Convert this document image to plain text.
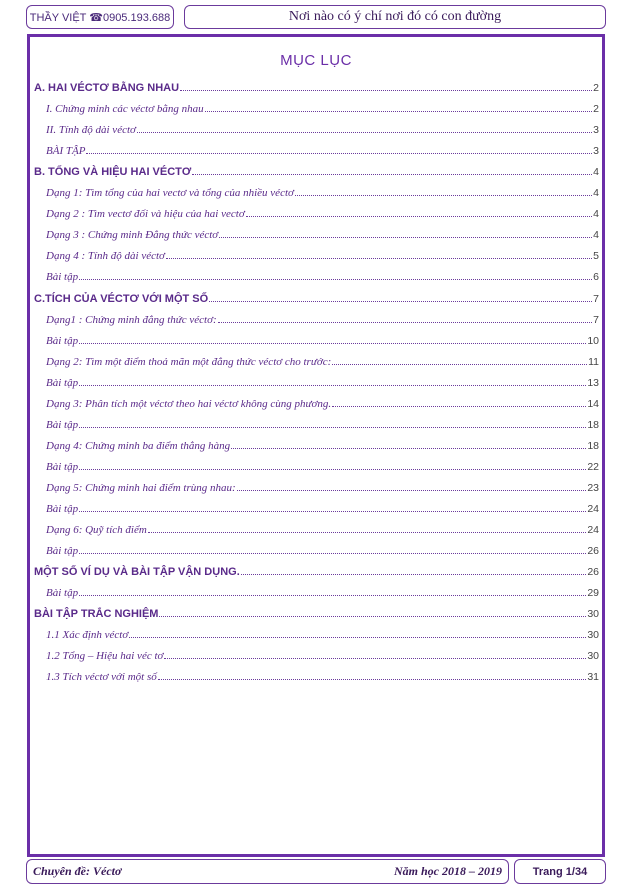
THẦY VIỆT ☎0905.193.688	Nơi nào có ý chí nơi đó có con đường
MỤC LỤC
A. HAI VÉCTƠ BẰNG NHAU	2
I. Chứng minh các véctơ bằng nhau	2
II. Tính độ dài véctơ	3
BÀI TẬP	3
B. TỔNG VÀ HIỆU HAI VÉCTƠ	4
Dạng 1: Tìm tổng của hai vectơ và tổng của nhiều véctơ	4
Dạng 2 : Tìm vectơ đối và hiệu của hai vectơ	4
Dạng 3 : Chứng minh Đẳng thức véctơ	4
Dạng 4 : Tính độ dài véctơ	5
Bài tập	6
C.TÍCH CỦA VÉCTƠ VỚI MỘT SỐ	7
Dạng1 : Chứng minh đẳng thức véctơ:	7
Bài tập	10
Dạng 2: Tìm một điểm thoả mãn một đẳng thức véctơ cho trước:	11
Bài tập	13
Dạng 3: Phân tích một véctơ theo hai véctơ không cùng phương.	14
Bài tập	18
Dạng 4: Chứng minh ba điểm thẳng hàng	18
Bài tập	22
Dạng 5: Chứng minh hai điểm trùng nhau:	23
Bài tập	24
Dạng 6: Quỹ tích điểm	24
Bài tập	26
MỘT SỐ VÍ DỤ VÀ BÀI TẬP VẬN DỤNG.	26
Bài tập	29
BÀI TẬP TRẮC NGHIỆM	30
1.1 Xác định véctơ	30
1.2 Tổng – Hiệu hai véc tơ	30
1.3 Tích véctơ với một số	31
Chuyên đề: Véctơ	Năm học 2018 – 2019	Trang 1/34
